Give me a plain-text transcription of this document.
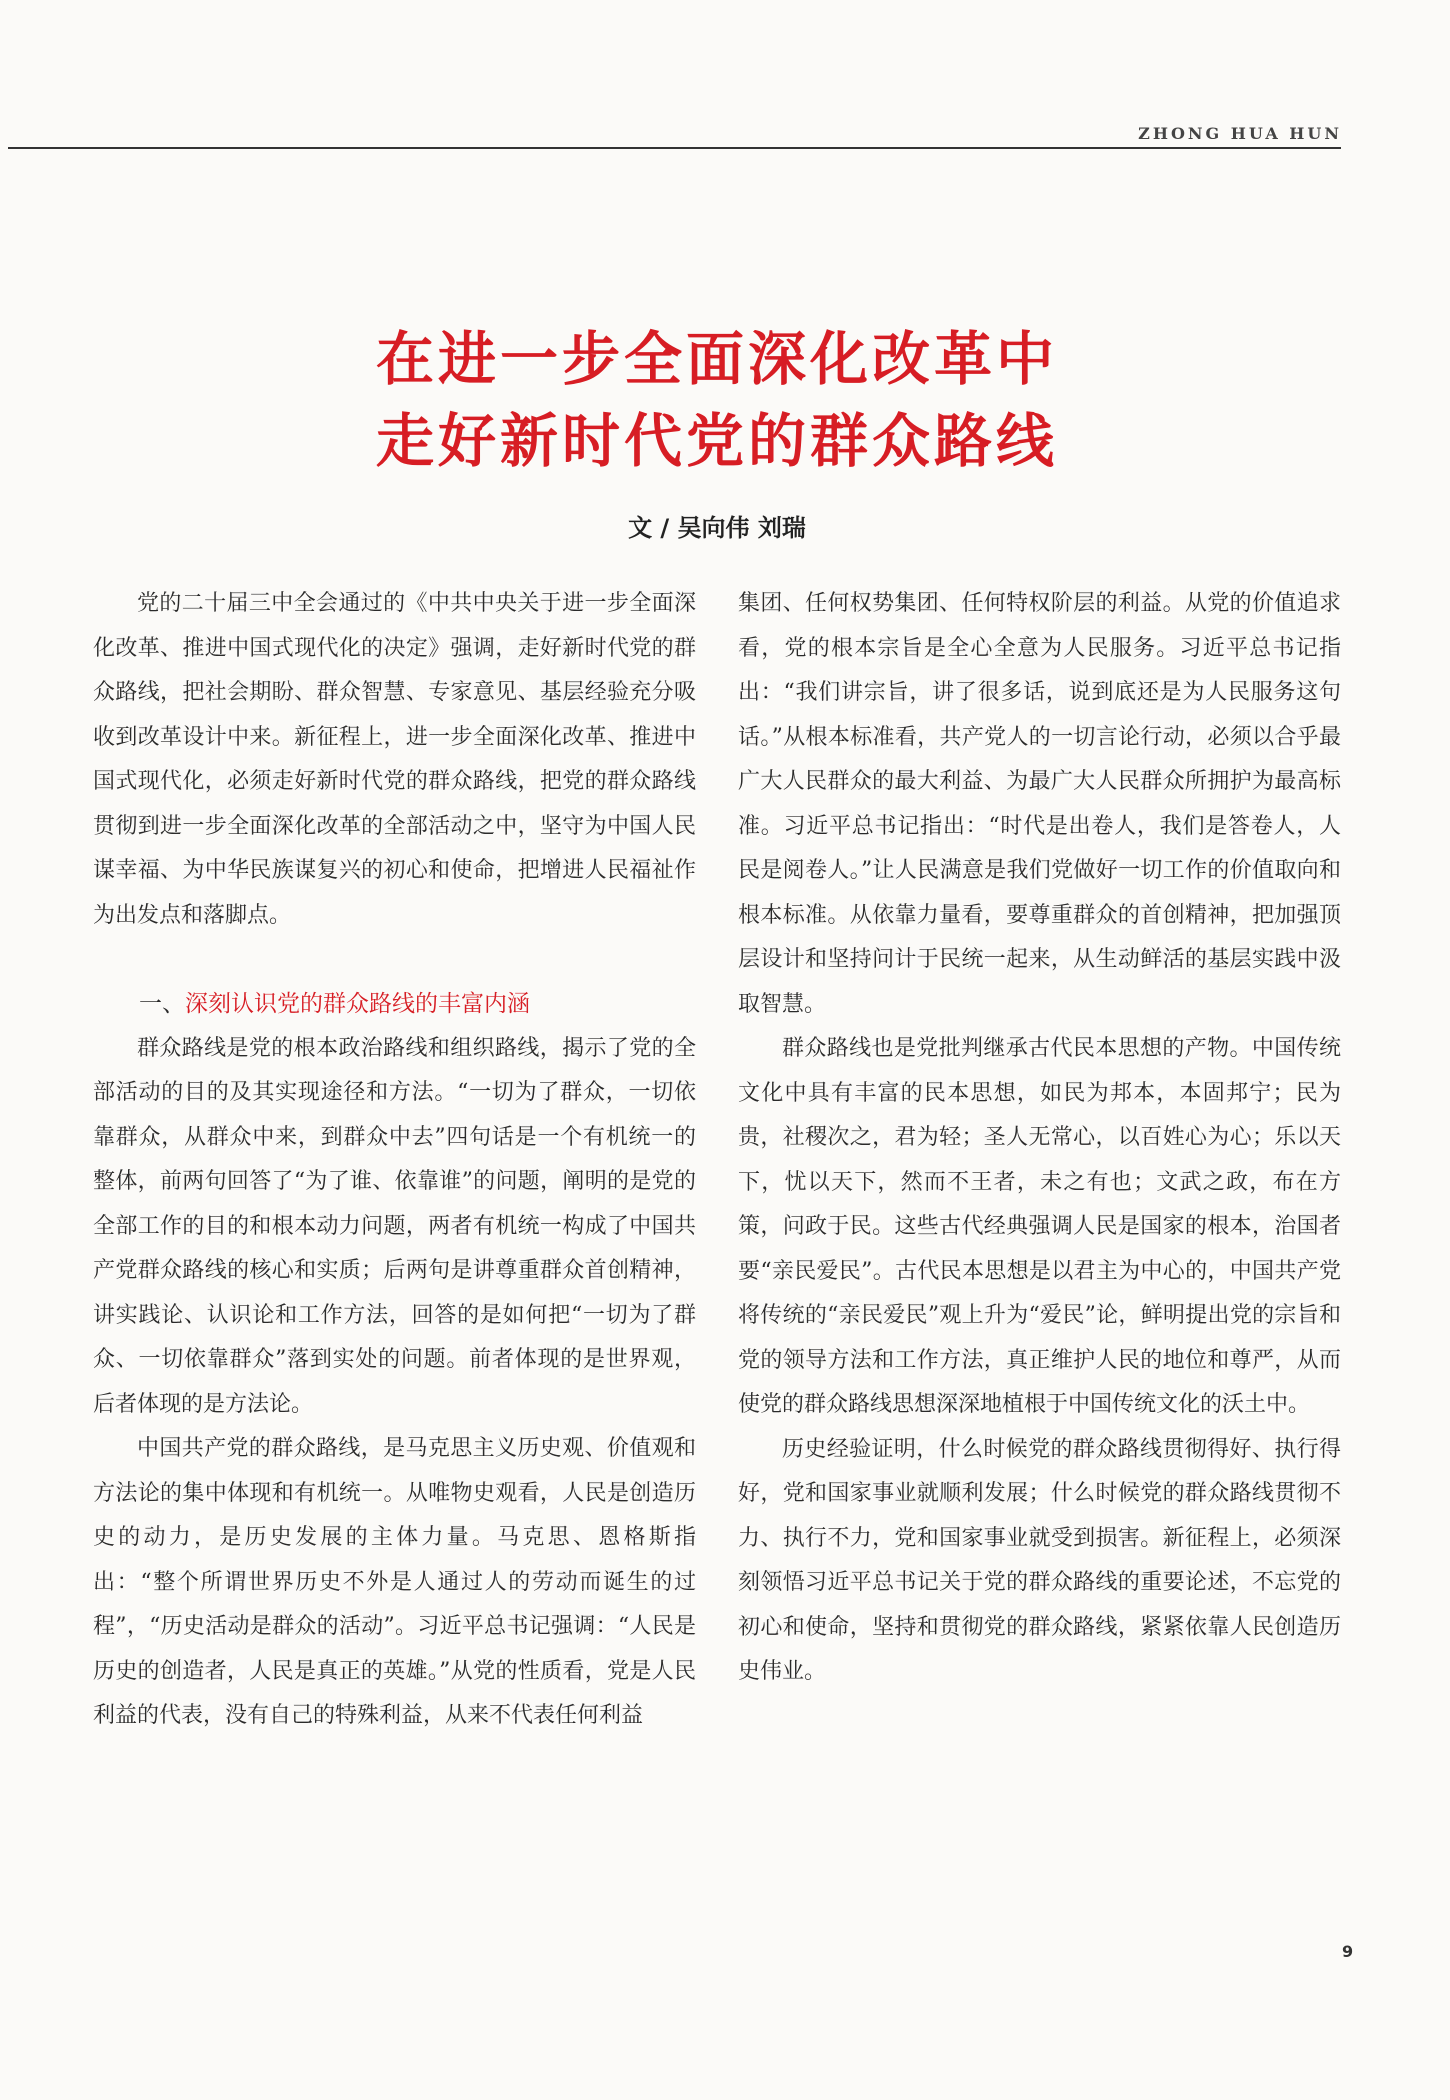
ZHONG HUA HUN
在进一步全面深化改革中
走好新时代党的群众路线
文 / 吴向伟 刘瑞

党的二十届三中全会通过的《中共中央关于进一步全面深化改革、推进中国式现代化的决定》强调，走好新时代党的群众路线，把社会期盼、群众智慧、专家意见、基层经验充分吸收到改革设计中来。新征程上，进一步全面深化改革、推进中国式现代化，必须走好新时代党的群众路线，把党的群众路线贯彻到进一步全面深化改革的全部活动之中，坚守为中国人民谋幸福、为中华民族谋复兴的初心和使命，把增进人民福祉作为出发点和落脚点。

一、深刻认识党的群众路线的丰富内涵

群众路线是党的根本政治路线和组织路线，揭示了党的全部活动的目的及其实现途径和方法。“一切为了群众，一切依靠群众，从群众中来，到群众中去”四句话是一个有机统一的整体，前两句回答了“为了谁、依靠谁”的问题，阐明的是党的全部工作的目的和根本动力问题，两者有机统一构成了中国共产党群众路线的核心和实质；后两句是讲尊重群众首创精神，讲实践论、认识论和工作方法，回答的是如何把“一切为了群众、一切依靠群众”落到实处的问题。前者体现的是世界观，后者体现的是方法论。

中国共产党的群众路线，是马克思主义历史观、价值观和方法论的集中体现和有机统一。从唯物史观看，人民是创造历史的动力，是历史发展的主体力量。马克思、恩格斯指出：“整个所谓世界历史不外是人通过人的劳动而诞生的过程”，“历史活动是群众的活动”。习近平总书记强调：“人民是历史的创造者，人民是真正的英雄。”从党的性质看，党是人民利益的代表，没有自己的特殊利益，从来不代表任何利益

集团、任何权势集团、任何特权阶层的利益。从党的价值追求看，党的根本宗旨是全心全意为人民服务。习近平总书记指出：“我们讲宗旨，讲了很多话，说到底还是为人民服务这句话。”从根本标准看，共产党人的一切言论行动，必须以合乎最广大人民群众的最大利益、为最广大人民群众所拥护为最高标准。习近平总书记指出：“时代是出卷人，我们是答卷人，人民是阅卷人。”让人民满意是我们党做好一切工作的价值取向和根本标准。从依靠力量看，要尊重群众的首创精神，把加强顶层设计和坚持问计于民统一起来，从生动鲜活的基层实践中汲取智慧。

群众路线也是党批判继承古代民本思想的产物。中国传统文化中具有丰富的民本思想，如民为邦本，本固邦宁；民为贵，社稷次之，君为轻；圣人无常心，以百姓心为心；乐以天下，忧以天下，然而不王者，未之有也；文武之政，布在方策，问政于民。这些古代经典强调人民是国家的根本，治国者要“亲民爱民”。古代民本思想是以君主为中心的，中国共产党将传统的“亲民爱民”观上升为“爱民”论，鲜明提出党的宗旨和党的领导方法和工作方法，真正维护人民的地位和尊严，从而使党的群众路线思想深深地植根于中国传统文化的沃土中。

历史经验证明，什么时候党的群众路线贯彻得好、执行得好，党和国家事业就顺利发展；什么时候党的群众路线贯彻不力、执行不力，党和国家事业就受到损害。新征程上，必须深刻领悟习近平总书记关于党的群众路线的重要论述，不忘党的初心和使命，坚持和贯彻党的群众路线，紧紧依靠人民创造历史伟业。

9
